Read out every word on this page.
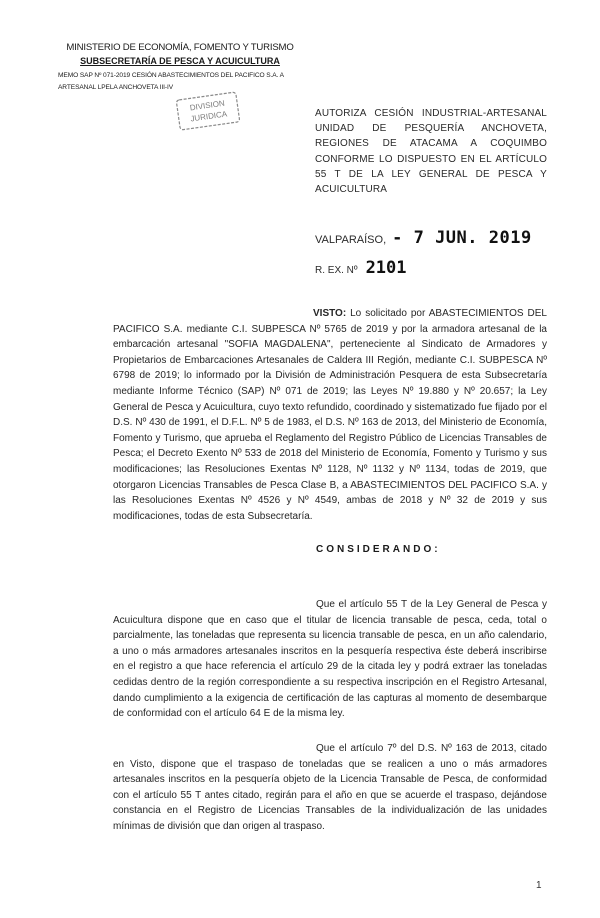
MINISTERIO DE ECONOMÍA, FOMENTO Y TURISMO
SUBSECRETARÍA DE PESCA Y ACUICULTURA
MEMO SAP Nº 071-2019 CESIÓN ABASTECIMIENTOS DEL PACIFICO S.A. A
ARTESANAL LPELA ANCHOVETA III-IV
DIVISION
JURIDICA	AUTORIZA CESIÓN INDUSTRIAL-ARTESANAL UNIDAD DE PESQUERÍA ANCHOVETA, REGIONES DE ATACAMA A COQUIMBO CONFORME LO DISPUESTO EN EL ARTÍCULO 55 T DE LA LEY GENERAL DE PESCA Y ACUICULTURA
VALPARAÍSO, - 7 JUN. 2019
R. EX. Nº 2101
VISTO: Lo solicitado por ABASTECIMIENTOS DEL PACIFICO S.A. mediante C.I. SUBPESCA Nº 5765 de 2019 y por la armadora artesanal de la embarcación artesanal "SOFIA MAGDALENA", perteneciente al Sindicato de Armadores y Propietarios de Embarcaciones Artesanales de Caldera III Región, mediante C.I. SUBPESCA Nº 6798 de 2019; lo informado por la División de Administración Pesquera de esta Subsecretaría mediante Informe Técnico (SAP) Nº 071 de 2019; las Leyes Nº 19.880 y Nº 20.657; la Ley General de Pesca y Acuicultura, cuyo texto refundido, coordinado y sistematizado fue fijado por el D.S. Nº 430 de 1991, el D.F.L. Nº 5 de 1983, el D.S. Nº 163 de 2013, del Ministerio de Economía, Fomento y Turismo, que aprueba el Reglamento del Registro Público de Licencias Transables de Pesca; el Decreto Exento Nº 533 de 2018 del Ministerio de Economía, Fomento y Turismo y sus modificaciones; las Resoluciones Exentas Nº 1128, Nº 1132 y Nº 1134, todas de 2019, que otorgaron Licencias Transables de Pesca Clase B, a ABASTECIMIENTOS DEL PACIFICO S.A. y las Resoluciones Exentas Nº 4526 y Nº 4549, ambas de 2018 y Nº 32 de 2019 y sus modificaciones, todas de esta Subsecretaría.
CONSIDERANDO:
Que el artículo 55 T de la Ley General de Pesca y Acuicultura dispone que en caso que el titular de licencia transable de pesca, ceda, total o parcialmente, las toneladas que representa su licencia transable de pesca, en un año calendario, a uno o más armadores artesanales inscritos en la pesquería respectiva éste deberá inscribirse en el registro a que hace referencia el artículo 29 de la citada ley y podrá extraer las toneladas cedidas dentro de la región correspondiente a su respectiva inscripción en el Registro Artesanal, dando cumplimiento a la exigencia de certificación de las capturas al momento de desembarque de conformidad con el artículo 64 E de la misma ley.
Que el artículo 7º del D.S. Nº 163 de 2013, citado en Visto, dispone que el traspaso de toneladas que se realicen a uno o más armadores artesanales inscritos en la pesquería objeto de la Licencia Transable de Pesca, de conformidad con el artículo 55 T antes citado, regirán para el año en que se acuerde el traspaso, dejándose constancia en el Registro de Licencias Transables de la individualización de las unidades mínimas de división que dan origen al traspaso.
1
